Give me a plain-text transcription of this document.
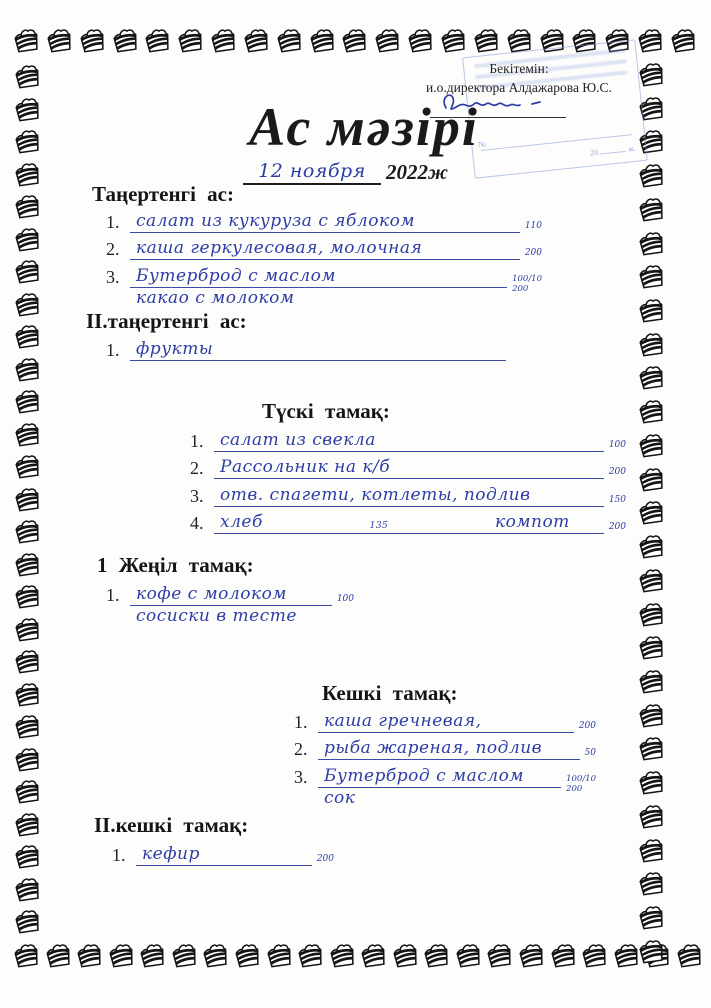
№
20	ж.
Бекітемін:
и.о.директора Алдажарова Ю.С.
Ас мәзірі
12 ноября 2022ж
Таңертенгі ас:
1. салат из кукуруза с яблоком	110
2. каша геркулесовая, молочная	200
3. Бутерброд с маслом	100/10
200
какао с молоком
ІІ.таңертенгі ас:
1. фрукты
Түскі тамақ:
1. салат из свекла	100
2. Рассольник на к/б	200
3. отв. спагети, котлеты, подлив	150
4. хлеб	135	компот	200
1 Жеңіл тамақ:
1. кофе с молоком	100
сосиски в тесте
Кешкі тамақ:
1. каша гречневая,	200
2. рыба жареная, подлив	50
3. Бутерброд с маслом	100/10
200
сок
ІІ.кешкі тамақ:
1. кефир	200
